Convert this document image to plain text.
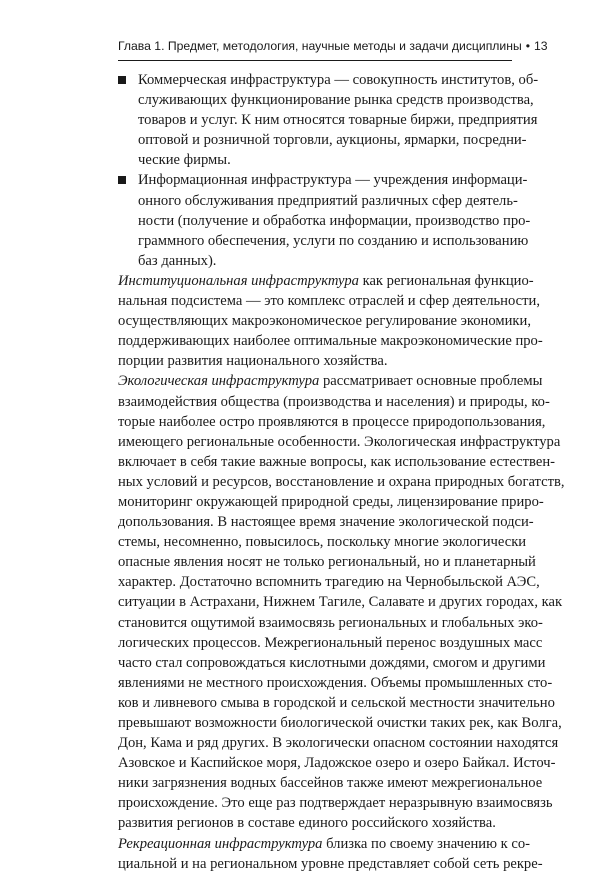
Глава 1. Предмет, методология, научные методы и задачи дисциплины • 13
Коммерческая инфраструктура — совокупность институтов, об-
служивающих функционирование рынка средств производства,
товаров и услуг. К ним относятся товарные биржи, предприятия
оптовой и розничной торговли, аукционы, ярмарки, посредни-
ческие фирмы.
Информационная инфраструктура — учреждения информаци-
онного обслуживания предприятий различных сфер деятель-
ности (получение и обработка информации, производство про-
граммного обеспечения, услуги по созданию и использованию
баз данных).
Институциональная инфраструктура как региональная функцио-
нальная подсистема — это комплекс отраслей и сфер деятельности,
осуществляющих макроэкономическое регулирование экономики,
поддерживающих наиболее оптимальные макроэкономические про-
порции развития национального хозяйства.
Экологическая инфраструктура рассматривает основные проблемы
взаимодействия общества (производства и населения) и природы, ко-
торые наиболее остро проявляются в процессе природопользования,
имеющего региональные особенности. Экологическая инфраструктура
включает в себя такие важные вопросы, как использование естествен-
ных условий и ресурсов, восстановление и охрана природных богатств,
мониторинг окружающей природной среды, лицензирование приро-
допользования. В настоящее время значение экологической подси-
стемы, несомненно, повысилось, поскольку многие экологически
опасные явления носят не только региональный, но и планетарный
характер. Достаточно вспомнить трагедию на Чернобыльской АЭС,
ситуации в Астрахани, Нижнем Тагиле, Салавате и других городах, как
становится ощутимой взаимосвязь региональных и глобальных эко-
логических процессов. Межрегиональный перенос воздушных масс
часто стал сопровождаться кислотными дождями, смогом и другими
явлениями не местного происхождения. Объемы промышленных сто-
ков и ливневого смыва в городской и сельской местности значительно
превышают возможности биологической очистки таких рек, как Волга,
Дон, Кама и ряд других. В экологически опасном состоянии находятся
Азовское и Каспийское моря, Ладожское озеро и озеро Байкал. Источ-
ники загрязнения водных бассейнов также имеют межрегиональное
происхождение. Это еще раз подтверждает неразрывную взаимосвязь
развития регионов в составе единого российского хозяйства.
Рекреационная инфраструктура близка по своему значению к со-
циальной и на региональном уровне представляет собой сеть рекре-
